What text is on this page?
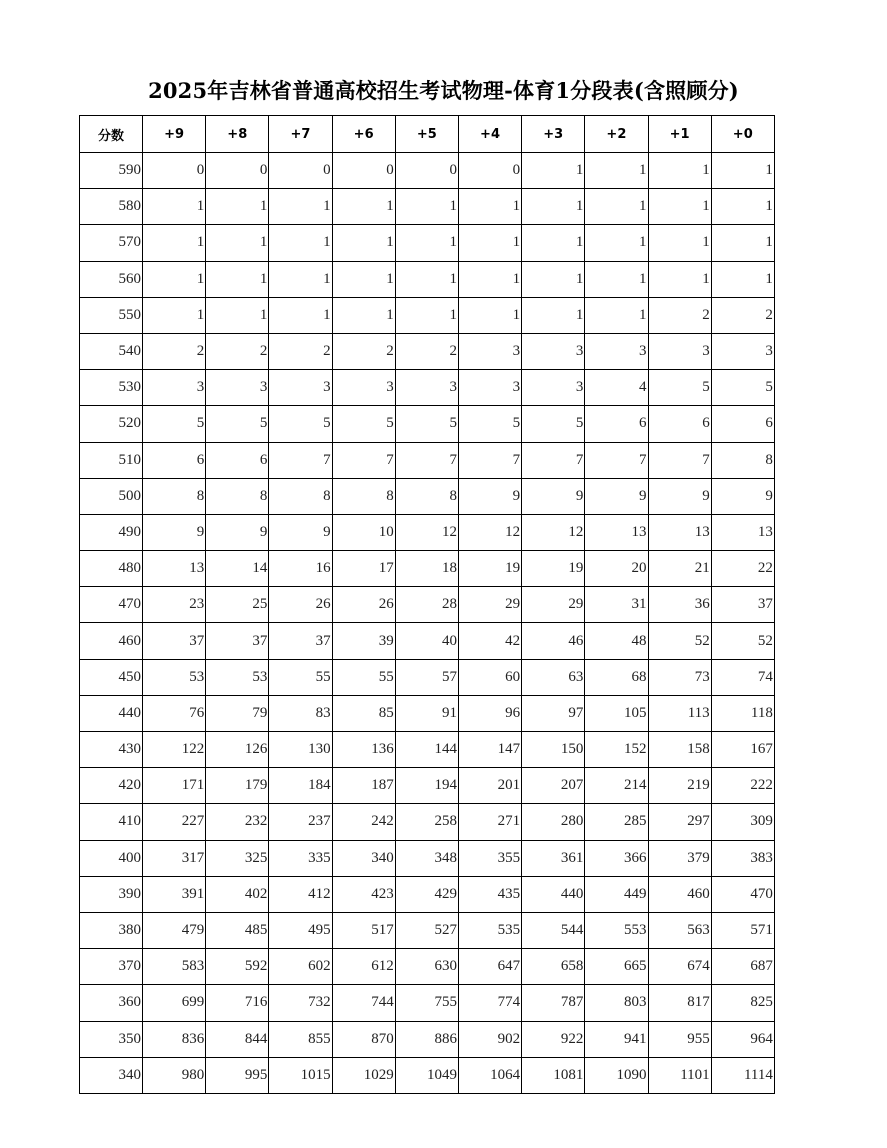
2025年吉林省普通高校招生考试物理-体育1分段表(含照顾分)
分数	+9	+8	+7	+6	+5	+4	+3	+2	+1	+0
590	0	0	0	0	0	0	1	1	1	1
580	1	1	1	1	1	1	1	1	1	1
570	1	1	1	1	1	1	1	1	1	1
560	1	1	1	1	1	1	1	1	1	1
550	1	1	1	1	1	1	1	1	2	2
540	2	2	2	2	2	3	3	3	3	3
530	3	3	3	3	3	3	3	4	5	5
520	5	5	5	5	5	5	5	6	6	6
510	6	6	7	7	7	7	7	7	7	8
500	8	8	8	8	8	9	9	9	9	9
490	9	9	9	10	12	12	12	13	13	13
480	13	14	16	17	18	19	19	20	21	22
470	23	25	26	26	28	29	29	31	36	37
460	37	37	37	39	40	42	46	48	52	52
450	53	53	55	55	57	60	63	68	73	74
440	76	79	83	85	91	96	97	105	113	118
430	122	126	130	136	144	147	150	152	158	167
420	171	179	184	187	194	201	207	214	219	222
410	227	232	237	242	258	271	280	285	297	309
400	317	325	335	340	348	355	361	366	379	383
390	391	402	412	423	429	435	440	449	460	470
380	479	485	495	517	527	535	544	553	563	571
370	583	592	602	612	630	647	658	665	674	687
360	699	716	732	744	755	774	787	803	817	825
350	836	844	855	870	886	902	922	941	955	964
340	980	995	1015	1029	1049	1064	1081	1090	1101	1114
